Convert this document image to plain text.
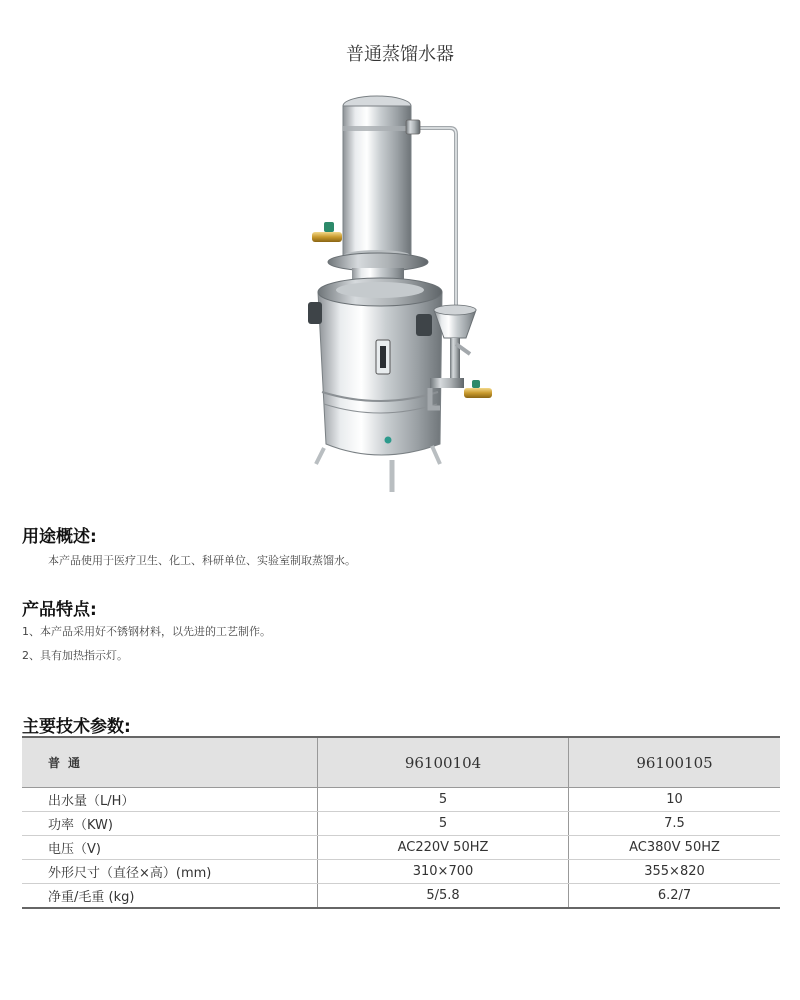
普通蒸馏水器
用途概述:
本产品使用于医疗卫生、化工、科研单位、实验室制取蒸馏水。
产品特点:
1、本产品采用好不锈钢材料，以先进的工艺制作。
2、具有加热指示灯。
主要技术参数:
普通	96100104	96100105
出水量（L/H）	5	10
功率（KW)	5	7.5
电压（V)	AC220V 50HZ	AC380V 50HZ
外形尺寸（直径×高）(mm)	310×700	355×820
净重/毛重 (kg)	5/5.8	6.2/7
